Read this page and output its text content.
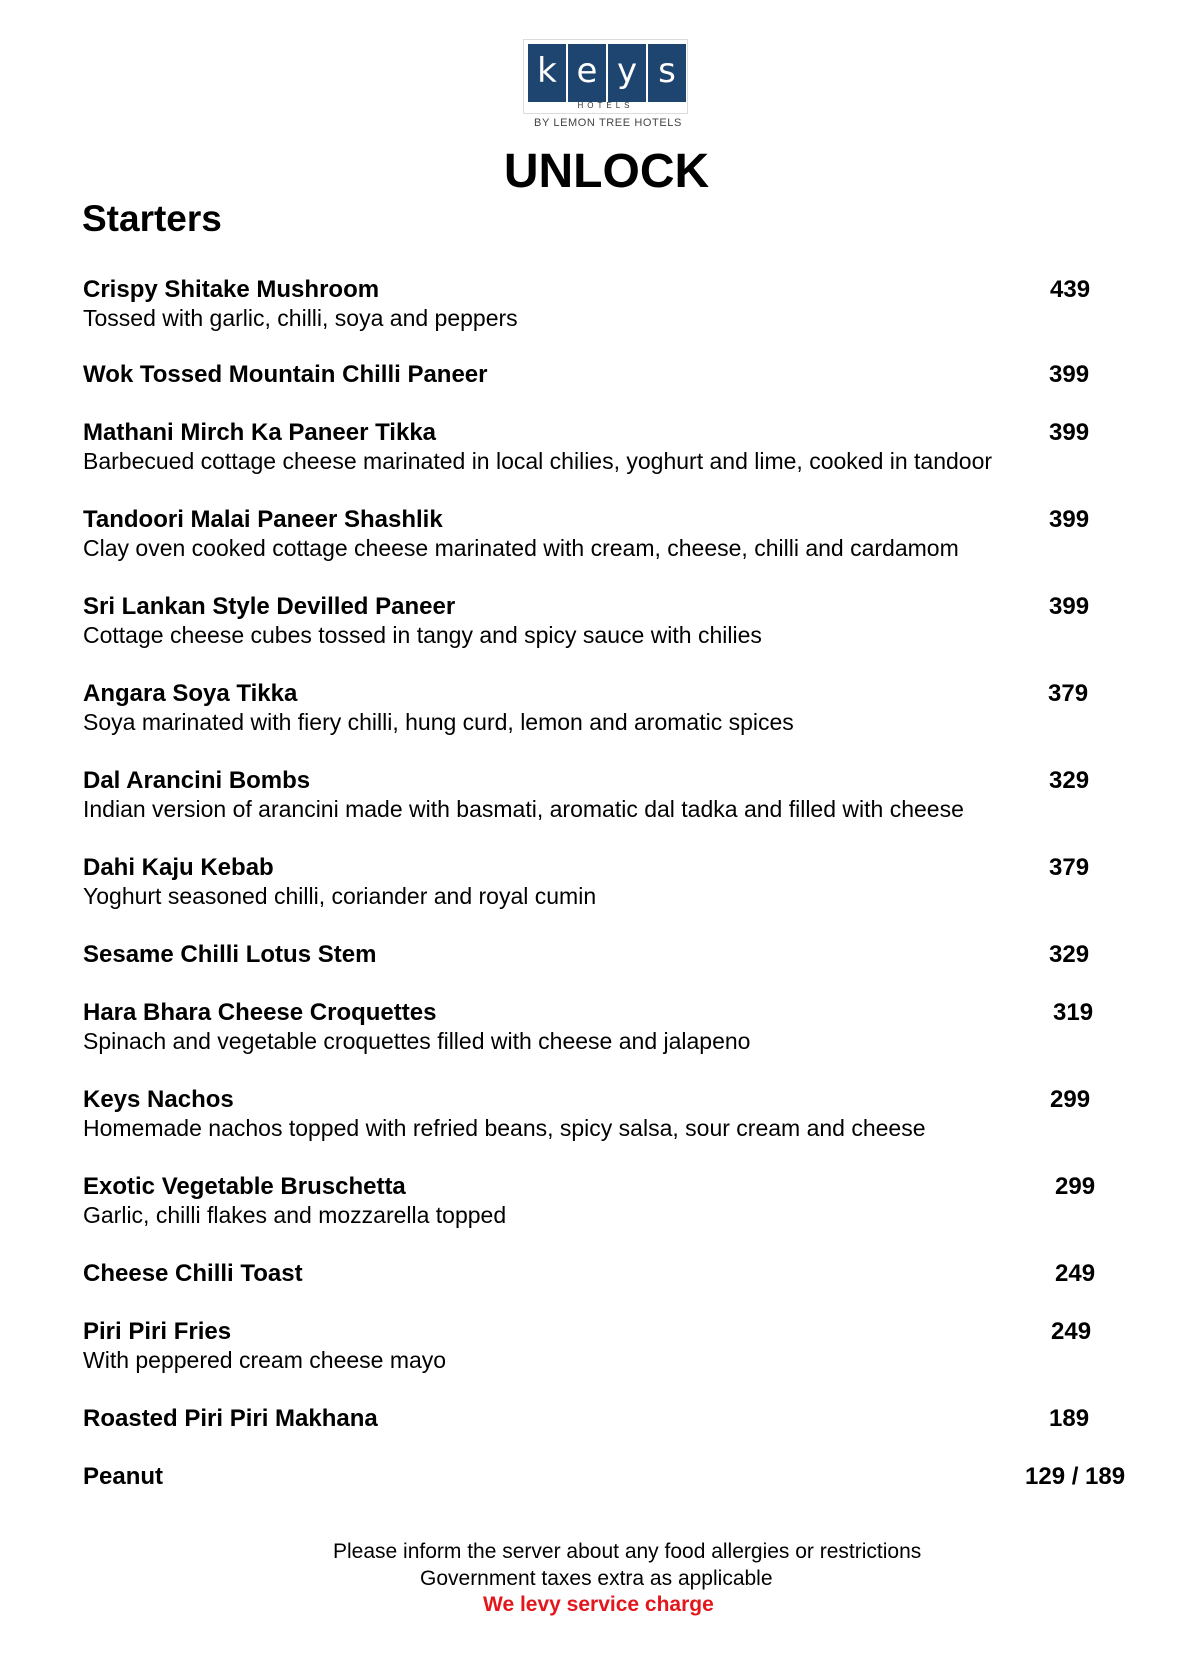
k e y s
HOTELS
BY LEMON TREE HOTELS
UNLOCK
Starters
Crispy Shitake Mushroom	439
Tossed with garlic, chilli, soya and peppers
Wok Tossed Mountain Chilli Paneer	399
Mathani Mirch Ka Paneer Tikka	399
Barbecued cottage cheese marinated in local chilies, yoghurt and lime, cooked in tandoor
Tandoori Malai Paneer Shashlik	399
Clay oven cooked cottage cheese marinated with cream, cheese, chilli and cardamom
Sri Lankan Style Devilled Paneer	399
Cottage cheese cubes tossed in tangy and spicy sauce with chilies
Angara Soya Tikka	379
Soya marinated with fiery chilli, hung curd, lemon and aromatic spices
Dal Arancini Bombs	329
Indian version of arancini made with basmati, aromatic dal tadka and filled with cheese
Dahi Kaju Kebab	379
Yoghurt seasoned chilli, coriander and royal cumin
Sesame Chilli Lotus Stem	329
Hara Bhara Cheese Croquettes	319
Spinach and vegetable croquettes filled with cheese and jalapeno
Keys Nachos	299
Homemade nachos topped with refried beans, spicy salsa, sour cream and cheese
Exotic Vegetable Bruschetta	299
Garlic, chilli flakes and mozzarella topped
Cheese Chilli Toast	249
Piri Piri Fries	249
With peppered cream cheese mayo
Roasted Piri Piri Makhana	189
Peanut	129 / 189
Please inform the server about any food allergies or restrictions
Government taxes extra as applicable
We levy service charge
